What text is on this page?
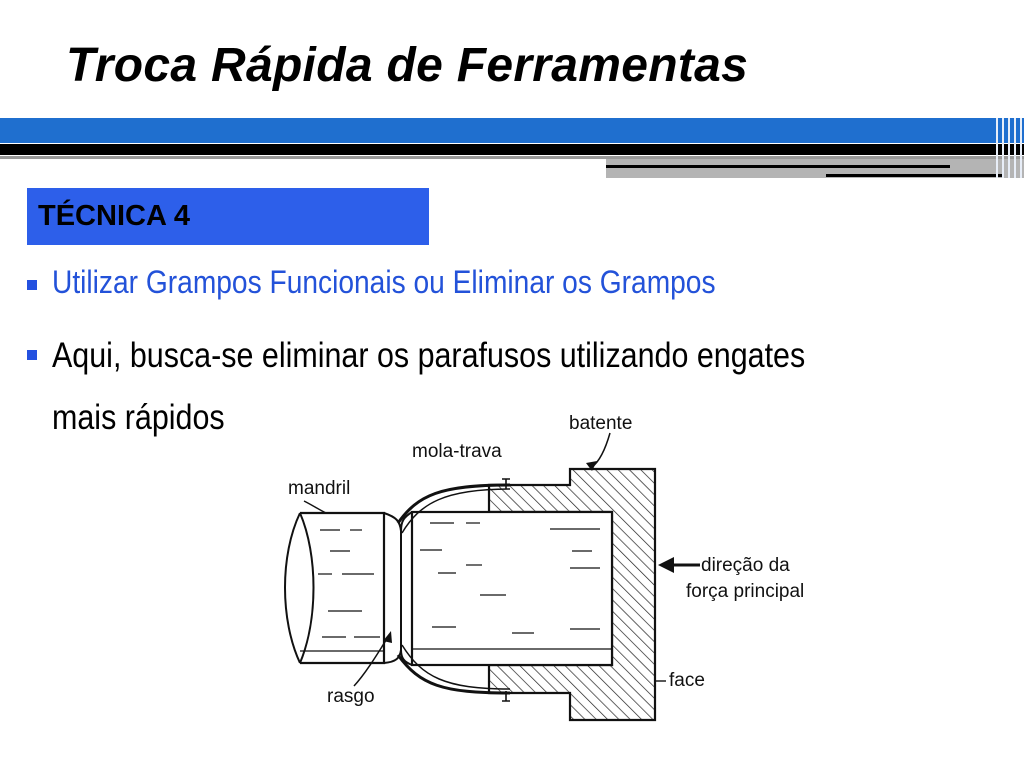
Troca Rápida de Ferramentas
TÉCNICA 4
Utilizar Grampos Funcionais ou Eliminar os Grampos
Aqui, busca-se eliminar os parafusos utilizando engates
mais rápidos	batente
mola-trava
mandril
direção da
força principal
face
rasgo
